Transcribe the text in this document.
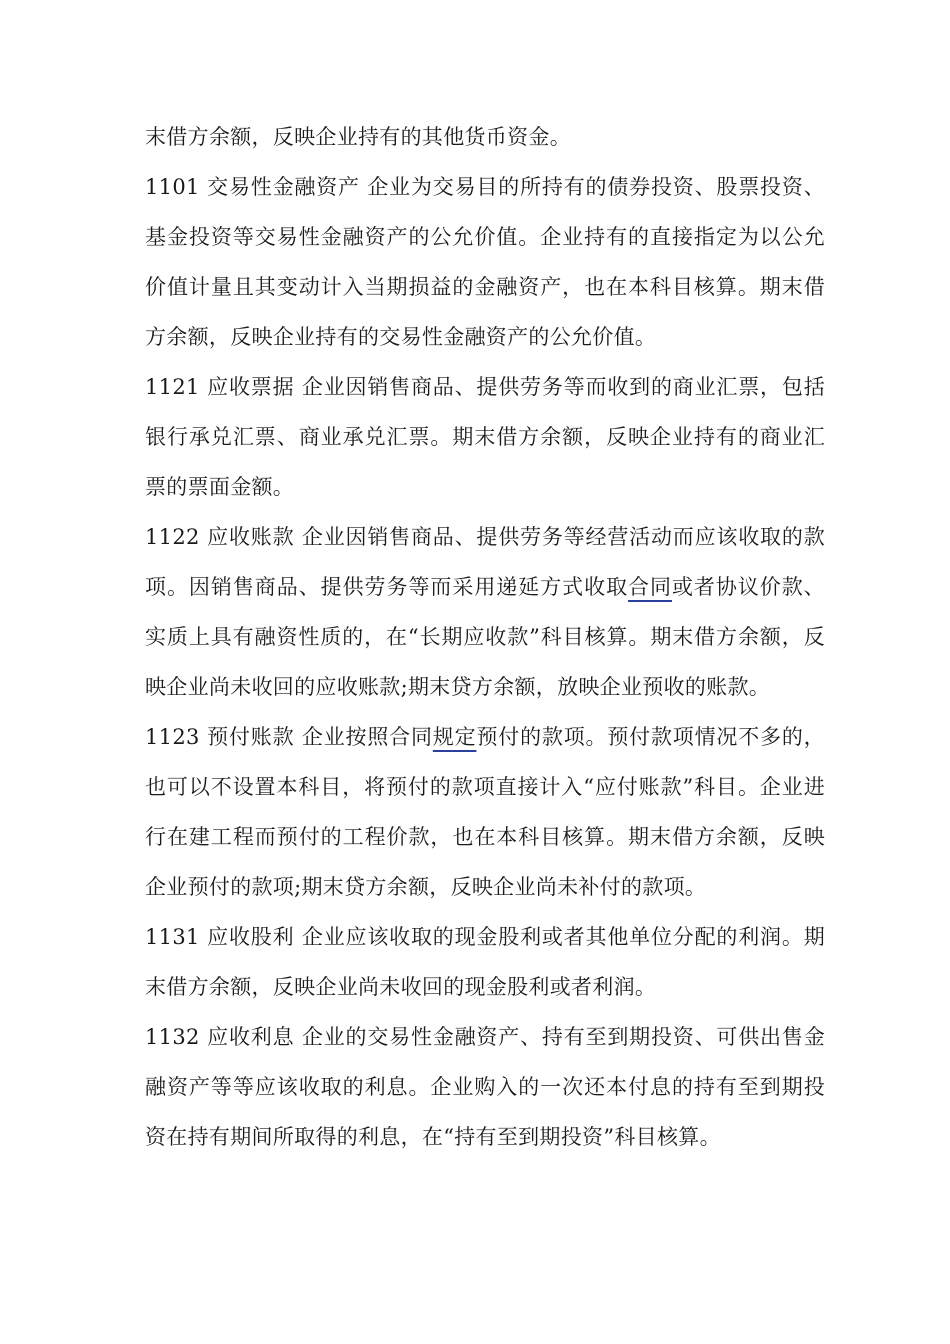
末借方余额，反映企业持有的其他货币资金。

1101 交易性金融资产 企业为交易目的所持有的债券投资、股票投资、基金投资等交易性金融资产的公允价值。企业持有的直接指定为以公允价值计量且其变动计入当期损益的金融资产，也在本科目核算。期末借方余额，反映企业持有的交易性金融资产的公允价值。

1121 应收票据 企业因销售商品、提供劳务等而收到的商业汇票，包括银行承兑汇票、商业承兑汇票。期末借方余额，反映企业持有的商业汇票的票面金额。

1122 应收账款 企业因销售商品、提供劳务等经营活动而应该收取的款项。因销售商品、提供劳务等而采用递延方式收取合同或者协议价款、实质上具有融资性质的，在“长期应收款”科目核算。期末借方余额，反映企业尚未收回的应收账款;期末贷方余额，放映企业预收的账款。

1123 预付账款 企业按照合同规定预付的款项。预付款项情况不多的，也可以不设置本科目，将预付的款项直接计入“应付账款”科目。企业进行在建工程而预付的工程价款，也在本科目核算。期末借方余额，反映企业预付的款项;期末贷方余额，反映企业尚未补付的款项。

1131 应收股利 企业应该收取的现金股利或者其他单位分配的利润。期末借方余额，反映企业尚未收回的现金股利或者利润。

1132 应收利息 企业的交易性金融资产、持有至到期投资、可供出售金融资产等等应该收取的利息。企业购入的一次还本付息的持有至到期投资在持有期间所取得的利息，在“持有至到期投资”科目核算。
